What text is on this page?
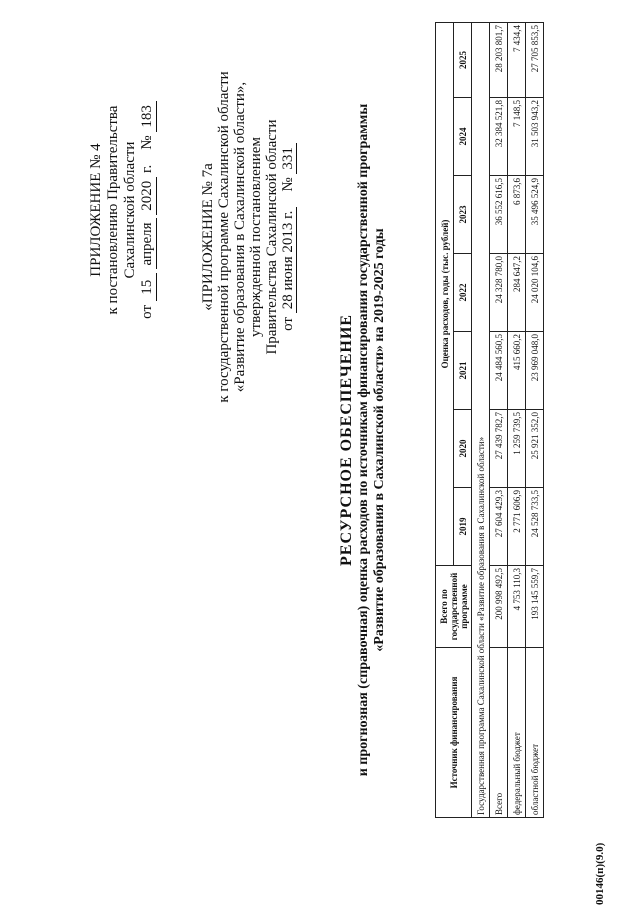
ПРИЛОЖЕНИЕ № 4 к постановлению Правительства Сахалинской области
от 15 апреля 2020 г.    № 183
«ПРИЛОЖЕНИЕ № 7а к государственной программе Сахалинской области «Развитие образования в Сахалинской области», утвержденной постановлением Правительства Сахалинской области от 28 июня 2013 г.    № 331
РЕСУРСНОЕ ОБЕСПЕЧЕНИЕ и прогнозная (справочная) оценка расходов по источникам финансирования государственной программы «Развитие образования в Сахалинской области» на 2019-2025 годы
Источник финансирования	Всего по государственной программе	Оценка расходов, годы (тыс. рублей)						
		2019	2020	2021	2022	2023	2024	2025
Государственная программа Сахалинской области «Развитие образования в Сахалинской области»								
Всего	200 998 492,5	27 604 429,3	27 439 782,7	24 484 560,5	24 328 780,0	36 552 616,5	32 384 521,8	28 203 801,7
федеральный бюджет	4 753 110,3	2 771 606,9	1 259 739,5	415 660,2	284 647,2	6 873,6	7 148,5	7 434,4
областной бюджет	193 145 559,7	24 528 733,5	25 921 352,0	23 969 048,0	24 020 104,6	35 496 524,9	31 503 943,2	27 705 853,5
00146(п)(9.0)
